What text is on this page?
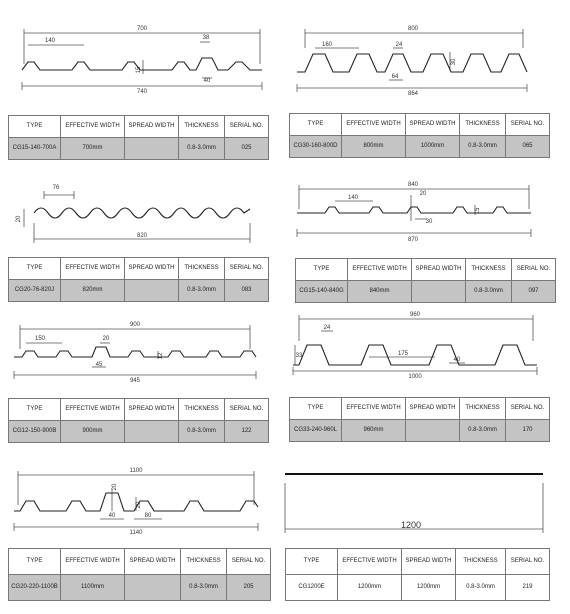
700
140	38
15
40
740
TYPE	EFFECTIVE WIDTH	SPREAD WIDTH	THICKNESS	SERIAL NO.
CG15-140-700A	700mm		0.8-3.0mm	025
800
160	24
30
64
864
TYPE	EFFECTIVE WIDTH	SPREAD WIDTH	THICKNESS	SERIAL NO.
CG30-160-800D	800mm	1000mm	0.8-3.0mm	065
76
20
820
TYPE	EFFECTIVE WIDTH	SPREAD WIDTH	THICKNESS	SERIAL NO.
CG20-76-820J	820mm		0.8-3.0mm	083
840
140
20
15
30
870
TYPE	EFFECTIVE WIDTH	SPREAD WIDTH	THICKNESS	SERIAL NO.
CG15-140-840G	840mm		0.8-3.0mm	097
900
150	20
12
45
945
TYPE	EFFECTIVE WIDTH	SPREAD WIDTH	THICKNESS	SERIAL NO.
CG12-150-900B	900mm		0.8-3.0mm	122
960
24
175
33
40
1000
TYPE	EFFECTIVE WIDTH	SPREAD WIDTH	THICKNESS	SERIAL NO.
CG33-240-960L	960mm		0.8-3.0mm	170
1100
20
20
40	80
1140
TYPE	EFFECTIVE WIDTH	SPREAD WIDTH	THICKNESS	SERIAL NO.
CG20-220-1100B	1100mm		0.8-3.0mm	205
1200
TYPE	EFFECTIVE WIDTH	SPREAD WIDTH	THICKNESS	SERIAL NO.
CG1200E	1200mm	1200mm	0.8-3.0mm	219
